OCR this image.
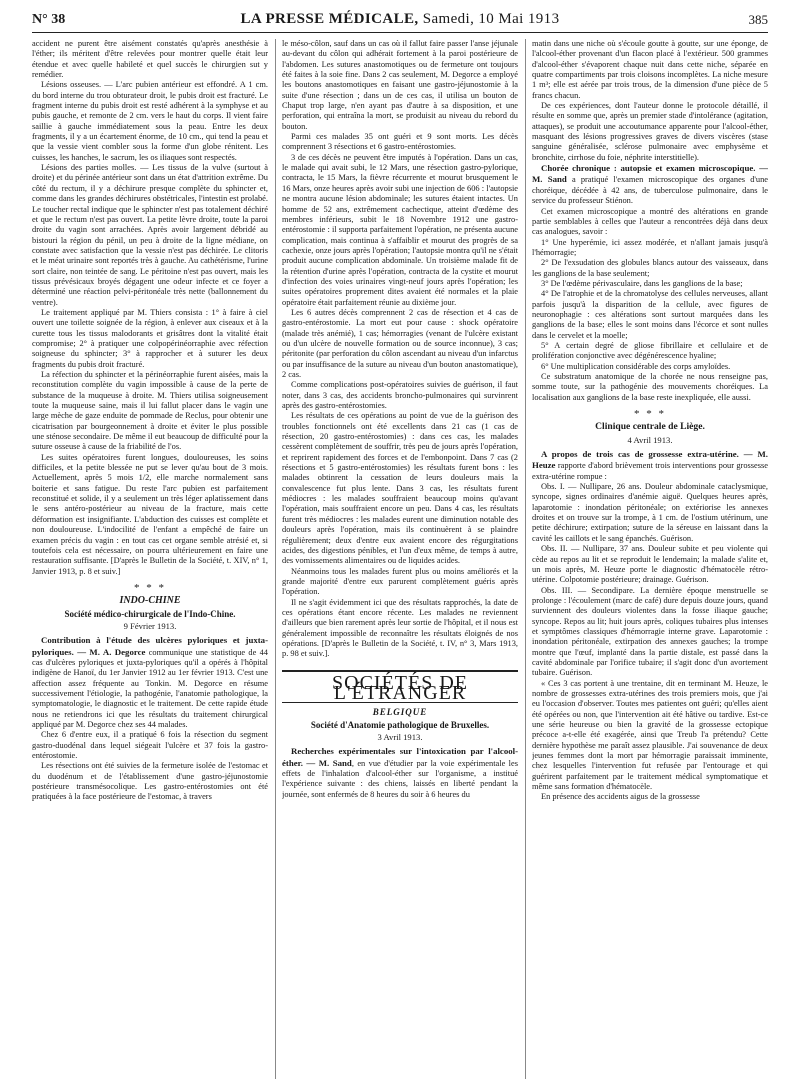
N° 38	LA PRESSE MÉDICALE, Samedi, 10 Mai 1913	385

accident ne purent être aisément constatés qu'après anesthésie à l'éther; ils méritent d'être relevées pour montrer quelle était leur étendue et avec quelle habileté et quel succès le chirurgien sut y remédier.

Lésions osseuses. — L'arc pubien antérieur est effondré. A 1 cm. du bord interne du trou obturateur droit, le pubis droit est fracturé. Le fragment interne du pubis droit est resté adhérent à la symphyse et au pubis gauche, et remonte de 2 cm. vers le haut du corps. Il vient faire saillie à gauche immédiatement sous la peau. Entre les deux fragments, il y a un écartement énorme, de 10 cm., qui tend la peau et que la vessie vient combler sous la forme d'un globe rénitent. Les cuisses, les hanches, le sacrum, les os iliaques sont respectés.

Lésions des parties molles. — Les tissus de la vulve (surtout à droite) et du périnée antérieur sont dans un état d'attrition extrême. Du côté du rectum, il y a déchirure presque complète du sphincter et, comme dans les grandes déchirures obstétricales, l'intestin est prolabé. Le toucher rectal indique que le sphincter n'est pas totalement déchiré et que le rectum n'est pas ouvert. La petite lèvre droite, toute la paroi droite du vagin sont arrachées. Après avoir largement débridé au bistouri la région du pénil, un peu à droite de la ligne médiane, on constate avec satisfaction que la vessie n'est pas déchirée. Le clitoris et le méat urinaire sont reportés très à gauche. Au cathétérisme, l'urine sort claire, non teintée de sang. Le péritoine n'est pas ouvert, mais les tissus prévésicaux broyés dégagent une odeur infecte et ce foyer a déterminé une réaction pelvi-péritonéale très nette (ballonnement du ventre).

Le traitement appliqué par M. Thiers consista : 1° à faire à ciel ouvert une toilette soignée de la région, à enlever aux ciseaux et à la curette tous les tissus malodorants et grisâtres dont la vitalité était compromise; 2° à pratiquer une colpopérinéorraphie avec réfection soigneuse du sphincter; 3° à rapprocher et à suturer les deux fragments du pubis droit fracturé.

La réfection du sphincter et la périnéorraphie furent aisées, mais la reconstitution complète du vagin impossible à cause de la perte de substance de la muqueuse à droite. M. Thiers utilisa soigneusement toute la muqueuse saine, mais il lui fallut placer dans le vagin une large mèche de gaze enduite de pommade de Reclus, pour obtenir une cicatrisation par bourgeonnement à droite et éviter le plus possible une sténose secondaire. De même il eut beaucoup de difficulté pour la suture osseuse à cause de la friabilité de l'os.

Les suites opératoires furent longues, douloureuses, les soins difficiles, et la petite blessée ne put se lever qu'au bout de 3 mois. Actuellement, après 5 mois 1/2, elle marche normalement sans boiterie et sans fatigue. Du reste l'arc pubien est parfaitement reconstitué et solide, il y a seulement un très léger aplatissement dans le sens antéro-postérieur au niveau de la fracture, mais cette déformation est insignifiante. L'abduction des cuisses est complète et non douloureuse. L'indocilité de l'enfant a empêché de faire un examen précis du vagin : en tout cas cet organe semble atrésié et, si toutefois cela est nécessaire, on pourra ultérieurement en faire une restauration suffisante. [D'après le Bulletin de la Société, t. XIV, n° 1, Janvier 1913, p. 8 et suiv.]

* * *
INDO-CHINE
Société médico-chirurgicale de l'Indo-Chine.
9 Février 1913.

Contribution à l'étude des ulcères pyloriques et juxta-pyloriques. — M. A. Degorce communique une statistique de 44 cas d'ulcères pyloriques et juxta-pyloriques qu'il a opérés à l'hôpital indigène de Hanoï, du 1er Janvier 1912 au 1er février 1913. C'est une affection assez fréquente au Tonkin. M. Degorce en résume successivement l'étiologie, la pathogénie, l'anatomie pathologique, la symptomatologie, le diagnostic et le traitement. De cette rapide étude nous ne retiendrons ici que les résultats du traitement chirurgical appliqué par M. Degorce chez ses 44 malades.

Chez 6 d'entre eux, il a pratiqué 6 fois la résection du segment gastro-duodénal dans lequel siégeait l'ulcère et 37 fois la gastro-entérostomie.

Les résections ont été suivies de la fermeture isolée de l'estomac et du duodénum et de l'établissement d'une gastro-jéjunostomie postérieure transmésocolique. Les gastro-entérostomies ont été pratiquées à la face postérieure de l'estomac, à travers

le méso-côlon, sauf dans un cas où il fallut faire passer l'anse jéjunale au-devant du côlon qui adhérait fortement à la paroi postérieure de l'abdomen. Les sutures anastomotiques ou de fermeture ont toujours été faites à la soie fine. Dans 2 cas seulement, M. Degorce a employé les boutons anastomotiques en faisant une gastro-jéjunostomie à la suite d'une résection ; dans un de ces cas, il utilisa un bouton de Chaput trop large, n'en ayant pas d'autre à sa disposition, et une perforation, qui entraîna la mort, se produisit au niveau du rebord du bouton.

Parmi ces malades 35 ont guéri et 9 sont morts. Les décès comprennent 3 résections et 6 gastro-entérostomies.

3 de ces décès ne peuvent être imputés à l'opération. Dans un cas, le malade qui avait subi, le 12 Mars, une résection gastro-pylorique, contracta, le 15 Mars, la fièvre récurrente et mourut brusquement le 16 Mars, onze heures après avoir subi une injection de 606 : l'autopsie ne montra aucune lésion abdominale; les sutures étaient intactes. Un homme de 52 ans, extrêmement cachectique, atteint d'œdème des membres inférieurs, subit le 18 Novembre 1912 une gastro-entérostomie : il supporta parfaitement l'opération, ne présenta aucune complication, mais continua à s'affaiblir et mourut des progrès de sa cachexie, onze jours après l'opération; l'autopsie montra qu'il ne s'était produit aucune complication abdominale. Un troisième malade fit de la rétention d'urine après l'opération, contracta de la cystite et mourut d'infection des voies urinaires vingt-neuf jours après l'opération; les suites opératoires proprement dites avaient été normales et la plaie opératoire était parfaitement réunie au dixième jour.

Les 6 autres décès comprennent 2 cas de résection et 4 cas de gastro-entérostomie. La mort eut pour cause : shock opératoire (malade très anémié), 1 cas; hémorragies (venant de l'ulcère existant ou d'un ulcère de nouvelle formation ou de source inconnue), 3 cas; péritonite (par perforation du côlon ascendant au niveau d'un infarctus ou par insuffisance de la suture au niveau d'un bouton anastomatique), 2 cas.

Comme complications post-opératoires suivies de guérison, il faut noter, dans 3 cas, des accidents broncho-pulmonaires qui survinrent après des gastro-entérostomies.

Les résultats de ces opérations au point de vue de la guérison des troubles fonctionnels ont été excellents dans 21 cas (1 cas de résection, 20 gastro-entérostomies) : dans ces cas, les malades cessèrent complètement de souffrir, très peu de jours après l'opération, et reprirent rapidement des forces et de l'embonpoint. Dans 7 cas (2 résections et 5 gastro-entérostomies) les résultats furent bons : les malades obtinrent la cessation de leurs douleurs mais la convalescence fut plus lente. Dans 3 cas, les résultats furent médiocres : les malades souffraient beaucoup moins qu'avant l'opération, mais souffraient encore un peu. Dans 4 cas, les résultats furent très médiocres : les malades eurent une diminution notable des douleurs après l'opération, mais ils continuèrent à se plaindre régulièrement; deux d'entre eux avaient encore des régurgitations acides, des digestions pénibles, et l'un d'eux même, de temps à autre, des vomissements alimentaires ou de liquides acides.

Néanmoins tous les malades furent plus ou moins améliorés et la grande majorité d'entre eux parurent complètement guéris après l'opération.

Il ne s'agit évidemment ici que des résultats rapprochés, la date de ces opérations étant encore récente. Les malades ne reviennent d'ailleurs que bien rarement après leur sortie de l'hôpital, et il nous est généralement impossible de reconnaître les résultats éloignés de nos opérations. [D'après le Bulletin de la Société, t. IV, n° 3, Mars 1913, p. 98 et suiv.].

SOCIÉTÉS DE L'ÉTRANGER
BELGIQUE
Société d'Anatomie pathologique de Bruxelles.
3 Avril 1913.

Recherches expérimentales sur l'intoxication par l'alcool-éther. — M. Sand, en vue d'étudier par la voie expérimentale les effets de l'inhalation d'alcool-éther sur l'organisme, a institué l'expérience suivante : des chiens, laissés en liberté pendant la journée, sont enfermés de 8 heures du soir à 6 heures du

matin dans une niche où s'écoule goutte à goutte, sur une éponge, de l'alcool-éther provenant d'un flacon placé à l'extérieur. 500 grammes d'alcool-éther s'évaporent chaque nuit dans cette niche, séparée en quatre compartiments par trois cloisons incomplètes. La niche mesure 1 m³; elle est aérée par trois trous, de la dimension d'une pièce de 5 francs chacun.

De ces expériences, dont l'auteur donne le protocole détaillé, il résulte en somme que, après un premier stade d'intolérance (agitation, attaques), se produit une accoutumance apparente pour l'alcool-éther, masquant des lésions progressives graves de divers viscères (stase sanguine généralisée, sclérose pulmonaire avec emphysème et bronchite, cirrhose du foie, néphrite interstitielle).

Chorée chronique : autopsie et examen microscopique. — M. Sand a pratiqué l'examen microscopique des organes d'une choréique, décédée à 42 ans, de tuberculose pulmonaire, dans le service du professeur Stiénon.

Cet examen microscopique a montré des altérations en grande partie semblables à celles que l'auteur a rencontrées déjà dans deux cas analogues, savoir :

1° Une hyperémie, ici assez modérée, et n'allant jamais jusqu'à l'hémorragie;

2° De l'exsudation des globules blancs autour des vaisseaux, dans les ganglions de la base seulement;

3° De l'œdème périvasculaire, dans les ganglions de la base;

4° De l'atrophie et de la chromatolyse des cellules nerveuses, allant parfois jusqu'à la disparition de la cellule, avec figures de neuronophagie : ces altérations sont surtout marquées dans les ganglions de la base; elles le sont moins dans l'écorce et sont nulles dans le cervelet et la moelle;

5° A certain degré de gliose fibrillaire et cellulaire et de prolifération conjonctive avec dégénérescence hyaline;

6° Une multiplication considérable des corps amyloïdes.

Ce substratum anatomique de la chorée ne nous renseigne pas, somme toute, sur la pathogénie des mouvements choréiques. La localisation aux ganglions de la base reste inexpliquée, elle aussi.

* * *
Clinique centrale de Liège.
4 Avril 1913.

A propos de trois cas de grossesse extra-utérine. — M. Heuze rapporte d'abord brièvement trois interventions pour grossesse extra-utérine rompue :

Obs. I. — Nullipare, 26 ans. Douleur abdominale cataclysmique, syncope, signes ordinaires d'anémie aiguë. Quelques heures après, laparotomie : inondation péritonéale; on extériorise les annexes droites et on trouve sur la trompe, à 1 cm. de l'ostium utérinum, une petite déchirure; extirpation; suture de la séreuse en laissant dans la cavité les caillots et le sang épanchés. Guérison.

Obs. II. — Nullipare, 37 ans. Douleur subite et peu violente qui cède au repos au lit et se reproduit le lendemain; la malade s'alite et, un mois après, M. Heuze porte le diagnostic d'hématocèle rétro-utérine. Colpotomie postérieure; drainage. Guérison.

Obs. III. — Secondipare. La dernière époque menstruelle se prolonge : l'écoulement (marc de café) dure depuis douze jours, quand surviennent des douleurs violentes dans la fosse iliaque gauche; syncope. Repos au lit; huit jours après, coliques tubaires plus intenses et symptômes classiques d'hémorragie interne grave. Laparotomie : inondation péritonéale, extirpation des annexes gauches; la trompe montre que l'œuf, implanté dans la partie distale, est passé dans la cavité abdominale par l'orifice tubaire; il s'agit donc d'un avortement tubaire. Guérison.

« Ces 3 cas portent à une trentaine, dit en terminant M. Heuze, le nombre de grossesses extra-utérines des trois premiers mois, que j'ai eu l'occasion d'observer. Toutes mes patientes ont guéri; qu'elles aient été opérées ou non, que l'intervention ait été hâtive ou tardive. Est-ce une série heureuse ou bien la gravité de la grossesse ectopique précoce a-t-elle été exagérée, ainsi que Treub l'a prétendu? Cette dernière hypothèse me paraît assez plausible. J'ai souvenance de deux jeunes femmes dont la mort par hémorragie paraissait imminente, chez lesquelles l'intervention fut refusée par l'entourage et qui guérirent parfaitement par le traitement médical symptomatique et même sans formation d'hématocèle.

En présence des accidents aigus de la grossesse
